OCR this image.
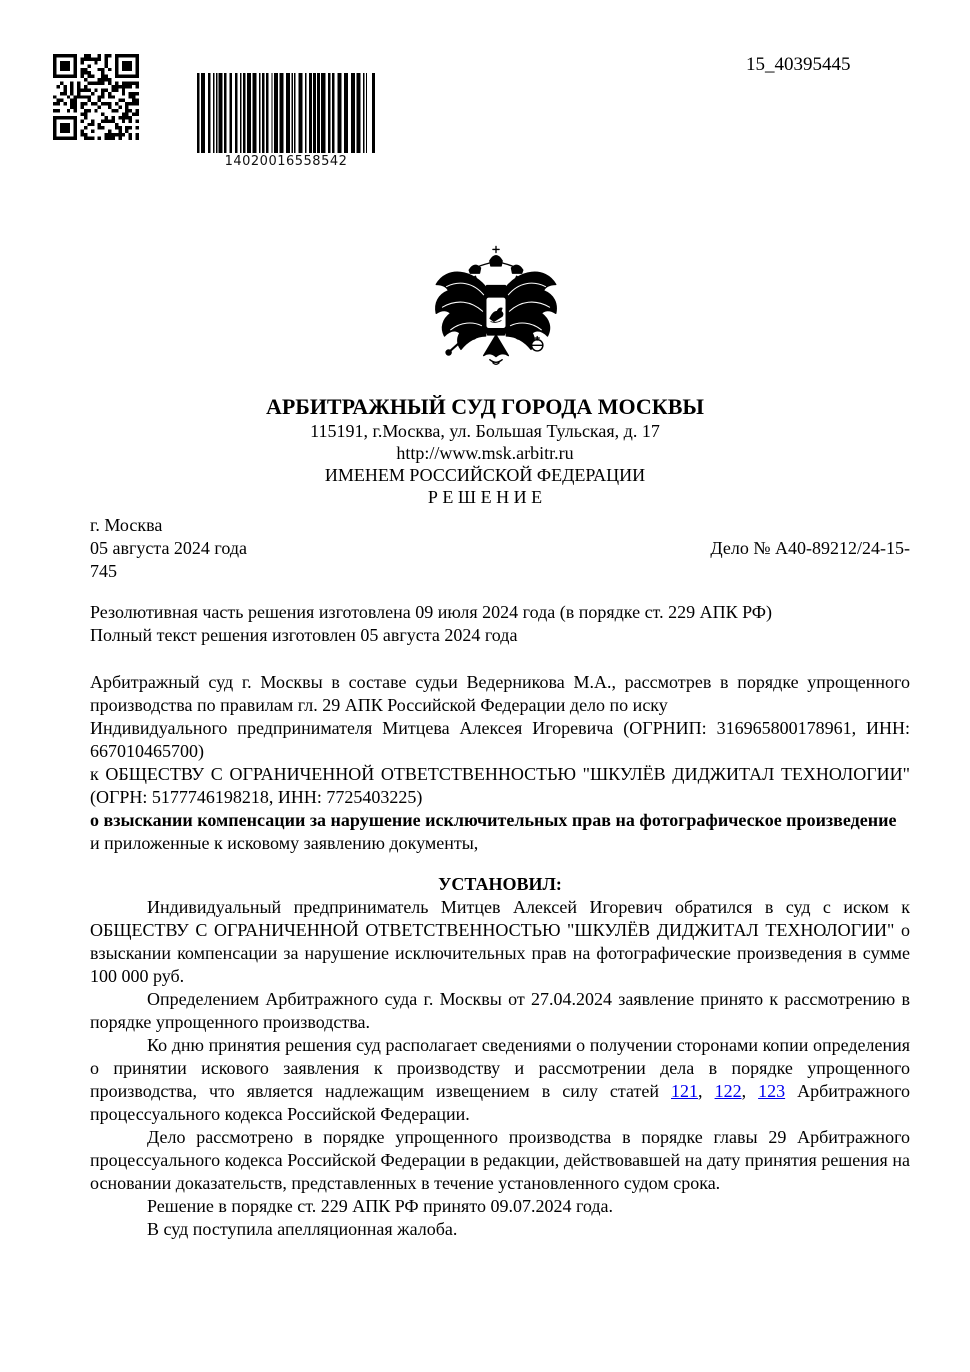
14020016558542
15_40395445
АРБИТРАЖНЫЙ СУД ГОРОДА МОСКВЫ
115191, г.Москва, ул. Большая Тульская, д. 17
http://www.msk.arbitr.ru
ИМЕНЕМ РОССИЙСКОЙ ФЕДЕРАЦИИ
Р Е Ш Е Н И Е
г. Москва
05 августа 2024 года	Дело № А40-89212/24-15-
745
Резолютивная часть решения изготовлена 09 июля 2024 года (в порядке ст. 229 АПК РФ)
Полный текст решения изготовлен 05 августа 2024 года

Арбитражный суд г. Москвы в составе судьи Ведерникова М.А., рассмотрев в порядке упрощенного производства по правилам гл. 29 АПК Российской Федерации дело по иску

Индивидуального предпринимателя Митцева Алексея Игоревича (ОГРНИП: 316965800178961, ИНН: 667010465700)

к ОБЩЕСТВУ С ОГРАНИЧЕННОЙ ОТВЕТСТВЕННОСТЬЮ "ШКУЛЁВ ДИДЖИТАЛ ТЕХНОЛОГИИ" (ОГРН: 5177746198218, ИНН: 7725403225)

о взыскании компенсации за нарушение исключительных прав на фотографическое произведение

и приложенные к исковому заявлению документы,

УСТАНОВИЛ:

Индивидуальный предприниматель Митцев Алексей Игоревич обратился в суд с иском к ОБЩЕСТВУ С ОГРАНИЧЕННОЙ ОТВЕТСТВЕННОСТЬЮ "ШКУЛЁВ ДИДЖИТАЛ ТЕХНОЛОГИИ" о взыскании компенсации за нарушение исключительных прав на фотографические произведения в сумме 100 000 руб.

Определением Арбитражного суда г. Москвы от 27.04.2024 заявление принято к рассмотрению в порядке упрощенного производства.

Ко дню принятия решения суд располагает сведениями о получении сторонами копии определения о принятии искового заявления к производству и рассмотрении дела в порядке упрощенного производства, что является надлежащим извещением в силу статей 121, 122, 123 Арбитражного процессуального кодекса Российской Федерации.

Дело рассмотрено в порядке упрощенного производства в порядке главы 29 Арбитражного процессуального кодекса Российской Федерации в редакции, действовавшей на дату принятия решения на основании доказательств, представленных в течение установленного судом срока.

Решение в порядке ст. 229 АПК РФ принято 09.07.2024 года.

В суд поступила апелляционная жалоба.
